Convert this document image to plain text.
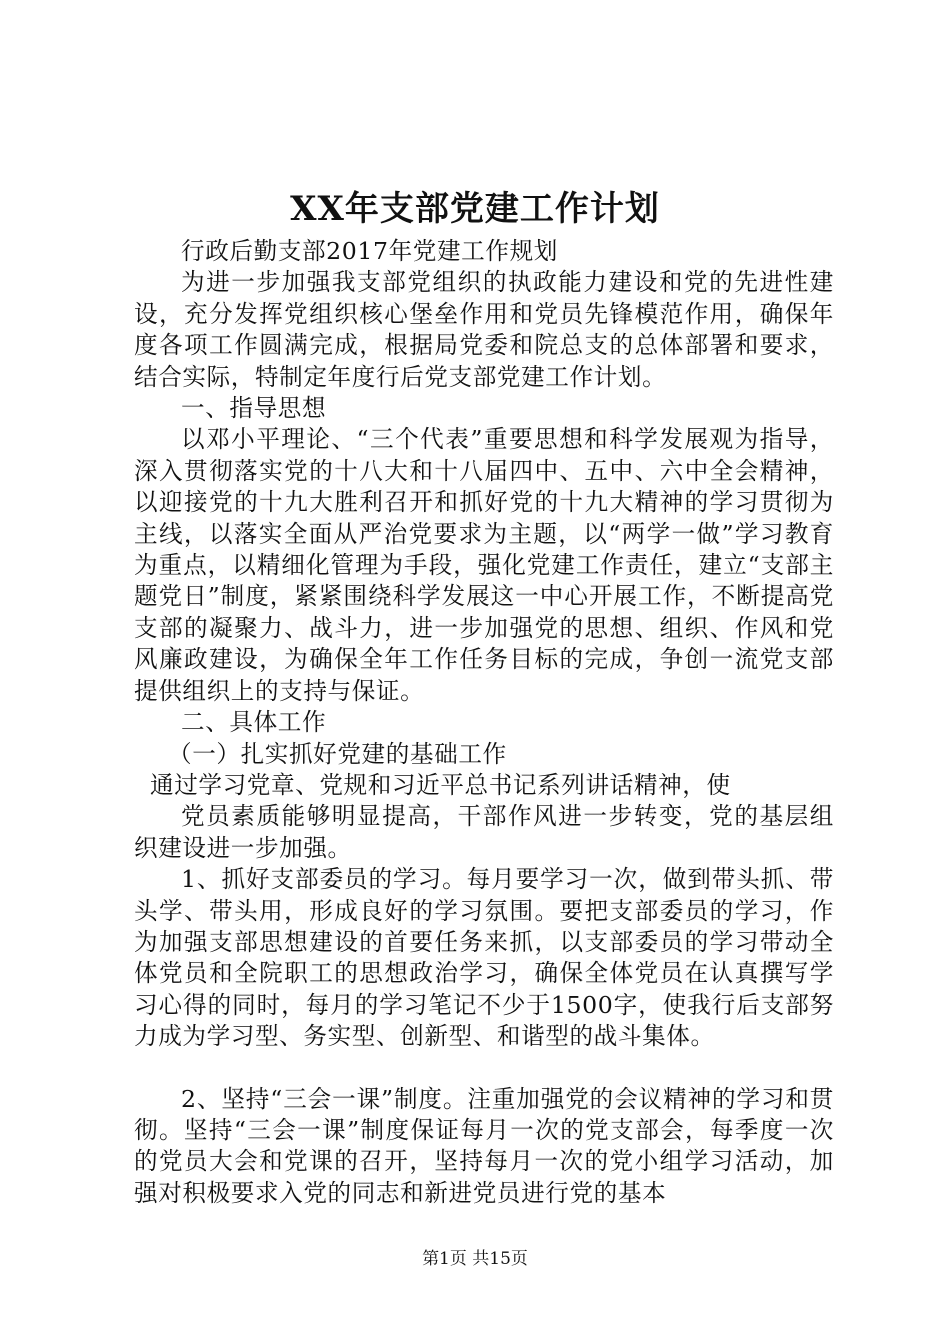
XX年支部党建工作计划

行政后勤支部2017年党建工作规划

为进一步加强我支部党组织的执政能力建设和党的先进性建设，充分发挥党组织核心堡垒作用和党员先锋模范作用，确保年度各项工作圆满完成，根据局党委和院总支的总体部署和要求，结合实际，特制定年度行后党支部党建工作计划。

一、指导思想

以邓小平理论、“三个代表”重要思想和科学发展观为指导，深入贯彻落实党的十八大和十八届四中、五中、六中全会精神，以迎接党的十九大胜利召开和抓好党的十九大精神的学习贯彻为主线，以落实全面从严治党要求为主题，以“两学一做”学习教育为重点，以精细化管理为手段，强化党建工作责任，建立“支部主题党日”制度，紧紧围绕科学发展这一中心开展工作，不断提高党支部的凝聚力、战斗力，进一步加强党的思想、组织、作风和党风廉政建设，为确保全年工作任务目标的完成，争创一流党支部提供组织上的支持与保证。

二、具体工作

（一）扎实抓好党建的基础工作

通过学习党章、党规和习近平总书记系列讲话精神，使

党员素质能够明显提高，干部作风进一步转变，党的基层组织建设进一步加强。

1、抓好支部委员的学习。每月要学习一次，做到带头抓、带头学、带头用，形成良好的学习氛围。要把支部委员的学习，作为加强支部思想建设的首要任务来抓，以支部委员的学习带动全体党员和全院职工的思想政治学习，确保全体党员在认真撰写学习心得的同时，每月的学习笔记不少于1500字，使我行后支部努力成为学习型、务实型、创新型、和谐型的战斗集体。

2、坚持“三会一课”制度。注重加强党的会议精神的学习和贯彻。坚持“三会一课”制度保证每月一次的党支部会，每季度一次的党员大会和党课的召开，坚持每月一次的党小组学习活动，加强对积极要求入党的同志和新进党员进行党的基本

第1页 共15页
